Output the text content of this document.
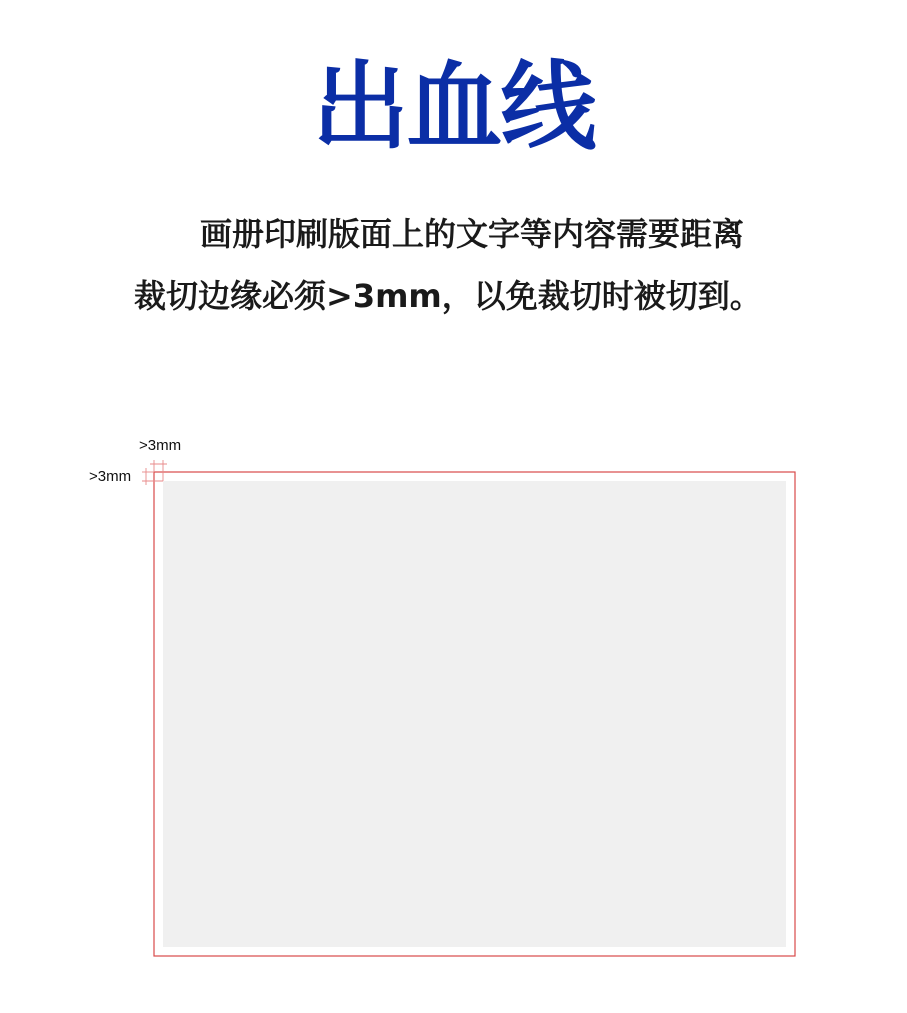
出血线
画册印刷版面上的文字等内容需要距离
裁切边缘必须>3mm，以免裁切时被切到。
>3mm
>3mm
